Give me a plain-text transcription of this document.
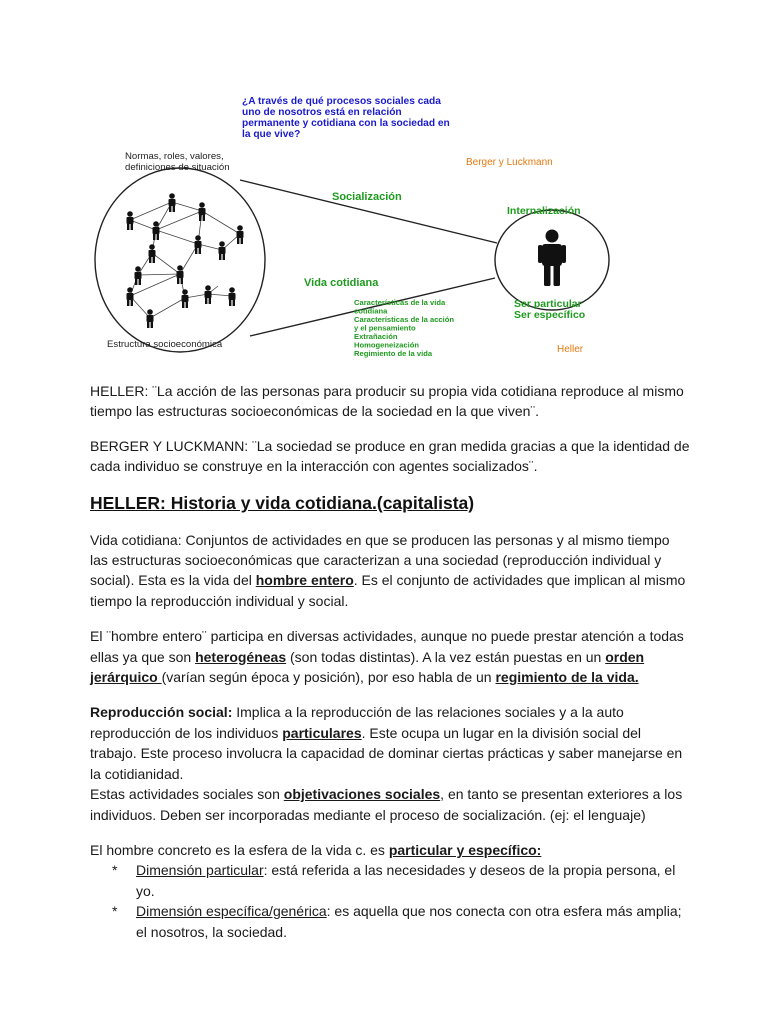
¿A través de qué procesos sociales cada
uno de nosotros está en relación
permanente y cotidiana con la sociedad en
la que vive?
Normas, roles, valores,
definiciones de situación	Berger y Luckmann
Socialización
Internalización
Vida cotidiana
Características de la vida
cotidiana
Características de la acción
y el pensamiento
Extrañación
Homogeneización
Regimiento de la vida
Ser particular
Ser específico
Estructura socioeconómica	Heller

HELLER: ¨La acción de las personas para producir su propia vida cotidiana reproduce al mismo tiempo las estructuras socioeconómicas de la sociedad en la que viven¨.

BERGER Y LUCKMANN: ¨La sociedad se produce en gran medida gracias a que la identidad de cada individuo se construye en la interacción con agentes socializados¨.

HELLER: Historia y vida cotidiana.(capitalista)

Vida cotidiana: Conjuntos de actividades en que se producen las personas y al mismo tiempo las estructuras socioeconómicas que caracterizan a una sociedad (reproducción individual y social). Esta es la vida del hombre entero. Es el conjunto de actividades que implican al mismo tiempo la reproducción individual y social.

El ¨hombre entero¨ participa en diversas actividades, aunque no puede prestar atención a todas ellas ya que son heterogéneas (son todas distintas). A la vez están puestas en un orden jerárquico (varían según época y posición), por eso habla de un regimiento de la vida.

Reproducción social: Implica a la reproducción de las relaciones sociales y a la auto reproducción de los individuos particulares. Este ocupa un lugar en la división social del trabajo. Este proceso involucra la capacidad de dominar ciertas prácticas y saber manejarse en la cotidianidad.
Estas actividades sociales son objetivaciones sociales, en tanto se presentan exteriores a los individuos. Deben ser incorporadas mediante el proceso de socialización. (ej: el lenguaje)

El hombre concreto es la esfera de la vida c. es particular y específico:

* Dimensión particular: está referida a las necesidades y deseos de la propia persona, el yo.
* Dimensión específica/genérica: es aquella que nos conecta con otra esfera más amplia; el nosotros, la sociedad.
